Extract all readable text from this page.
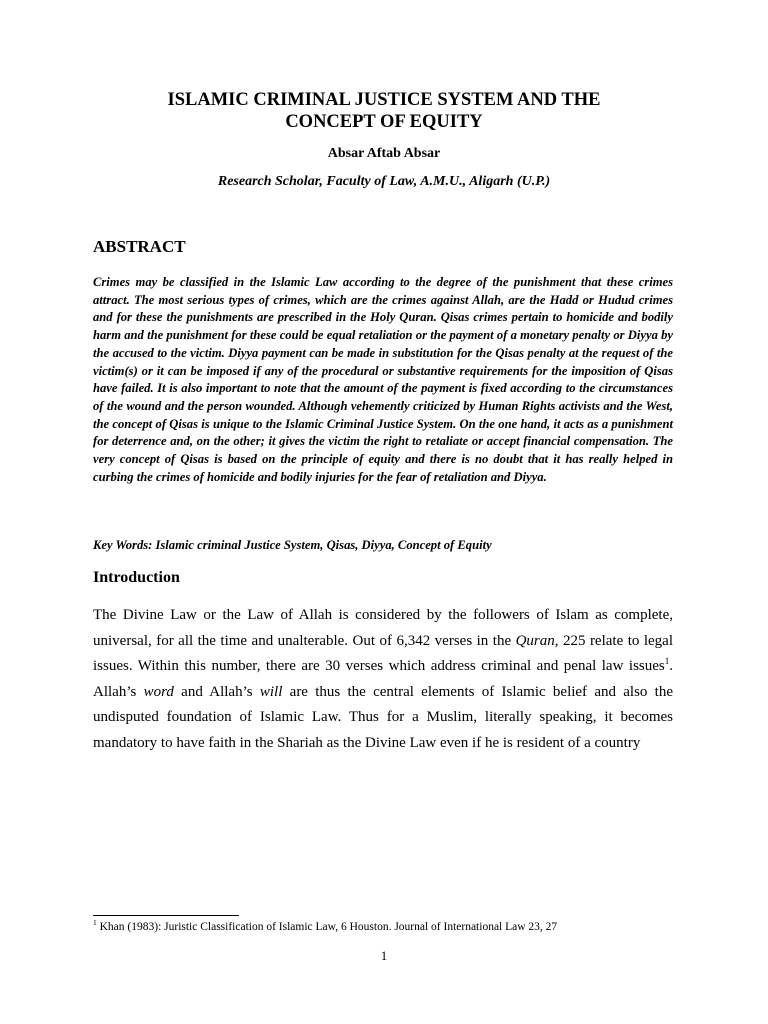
ISLAMIC CRIMINAL JUSTICE SYSTEM AND THE
CONCEPT OF EQUITY

Absar Aftab Absar

Research Scholar, Faculty of Law, A.M.U., Aligarh (U.P.)

ABSTRACT

Crimes may be classified in the Islamic Law according to the degree of the punishment that these crimes attract. The most serious types of crimes, which are the crimes against Allah, are the Hadd or Hudud crimes and for these the punishments are prescribed in the Holy Quran. Qisas crimes pertain to homicide and bodily harm and the punishment for these could be equal retaliation or the payment of a monetary penalty or Diyya by the accused to the victim. Diyya payment can be made in substitution for the Qisas penalty at the request of the victim(s) or it can be imposed if any of the procedural or substantive requirements for the imposition of Qisas have failed. It is also important to note that the amount of the payment is fixed according to the circumstances of the wound and the person wounded. Although vehemently criticized by Human Rights activists and the West, the concept of Qisas is unique to the Islamic Criminal Justice System. On the one hand, it acts as a punishment for deterrence and, on the other; it gives the victim the right to retaliate or accept financial compensation. The very concept of Qisas is based on the principle of equity and there is no doubt that it has really helped in curbing the crimes of homicide and bodily injuries for the fear of retaliation and Diyya.

Key Words: Islamic criminal Justice System, Qisas, Diyya, Concept of Equity

Introduction

The Divine Law or the Law of Allah is considered by the followers of Islam as complete, universal, for all the time and unalterable. Out of 6,342 verses in the Quran, 225 relate to legal issues. Within this number, there are 30 verses which address criminal and penal law issues$^1$. Allah’s word and Allah’s will are thus the central elements of Islamic belief and also the undisputed foundation of Islamic Law. Thus for a Muslim, literally speaking, it becomes mandatory to have faith in the Shariah as the Divine Law even if he is resident of a country

$^1$ Khan (1983): Juristic Classification of Islamic Law, 6 Houston. Journal of International Law 23, 27

1
